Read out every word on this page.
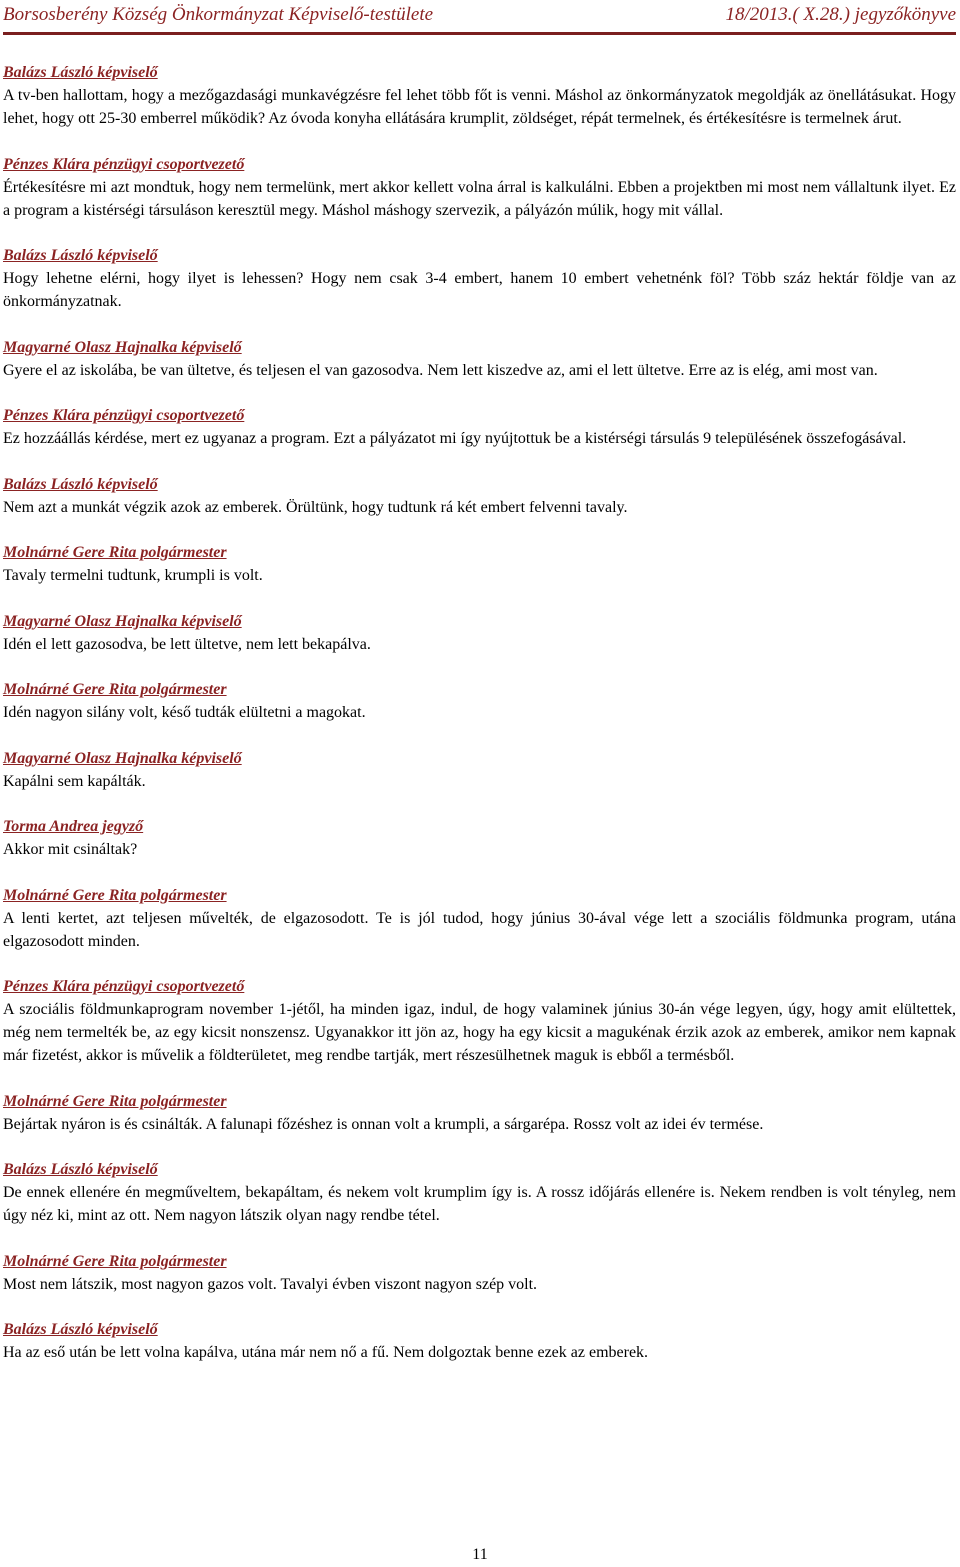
Borsosberény Község Önkormányzat Képviselő-testülete	18/2013.( X.28.) jegyzőkönyve
Balázs László képviselő

A tv-ben hallottam, hogy a mezőgazdasági munkavégzésre fel lehet több főt is venni. Máshol az önkormányzatok megoldják az önellátásukat. Hogy lehet, hogy ott 25-30 emberrel működik? Az óvoda konyha ellátására krumplit, zöldséget, répát termelnek, és értékesítésre is termelnek árut.

Pénzes Klára pénzügyi csoportvezető

Értékesítésre mi azt mondtuk, hogy nem termelünk, mert akkor kellett volna árral is kalkulálni. Ebben a projektben mi most nem vállaltunk ilyet. Ez a program a kistérségi társuláson keresztül megy. Máshol máshogy szervezik, a pályázón múlik, hogy mit vállal.

Balázs László képviselő

Hogy lehetne elérni, hogy ilyet is lehessen? Hogy nem csak 3-4 embert, hanem 10 embert vehetnénk föl? Több száz hektár földje van az önkormányzatnak.

Magyarné Olasz Hajnalka képviselő

Gyere el az iskolába, be van ültetve, és teljesen el van gazosodva. Nem lett kiszedve az, ami el lett ültetve. Erre az is elég, ami most van.

Pénzes Klára pénzügyi csoportvezető

Ez hozzáállás kérdése, mert ez ugyanaz a program. Ezt a pályázatot mi így nyújtottuk be a kistérségi társulás 9 településének összefogásával.

Balázs László képviselő

Nem azt a munkát végzik azok az emberek. Örültünk, hogy tudtunk rá két embert felvenni tavaly.

Molnárné Gere Rita polgármester

Tavaly termelni tudtunk, krumpli is volt.

Magyarné Olasz Hajnalka képviselő

Idén el lett gazosodva, be lett ültetve, nem lett bekapálva.

Molnárné Gere Rita polgármester

Idén nagyon silány volt, késő tudták elültetni a magokat.

Magyarné Olasz Hajnalka képviselő

Kapálni sem kapálták.

Torma Andrea jegyző

Akkor mit csináltak?

Molnárné Gere Rita polgármester

A lenti kertet, azt teljesen művelték, de elgazosodott. Te is jól tudod, hogy június 30-ával vége lett a szociális földmunka program, utána elgazosodott minden.

Pénzes Klára pénzügyi csoportvezető

A szociális földmunkaprogram november 1-jétől, ha minden igaz, indul, de hogy valaminek június 30-án vége legyen, úgy, hogy amit elültettek, még nem termelték be, az egy kicsit nonszensz. Ugyanakkor itt jön az, hogy ha egy kicsit a magukénak érzik azok az emberek, amikor nem kapnak már fizetést, akkor is művelik a földterületet, meg rendbe tartják, mert részesülhetnek maguk is ebből a termésből.

Molnárné Gere Rita polgármester

Bejártak nyáron is és csinálták. A falunapi főzéshez is onnan volt a krumpli, a sárgarépa. Rossz volt az idei év termése.

Balázs László képviselő

De ennek ellenére én megműveltem, bekapáltam, és nekem volt krumplim így is. A rossz időjárás ellenére is. Nekem rendben is volt tényleg, nem úgy néz ki, mint az ott. Nem nagyon látszik olyan nagy rendbe tétel.

Molnárné Gere Rita polgármester

Most nem látszik, most nagyon gazos volt. Tavalyi évben viszont nagyon szép volt.

Balázs László képviselő

Ha az eső után be lett volna kapálva, utána már nem nő a fű. Nem dolgoztak benne ezek az emberek.

11
